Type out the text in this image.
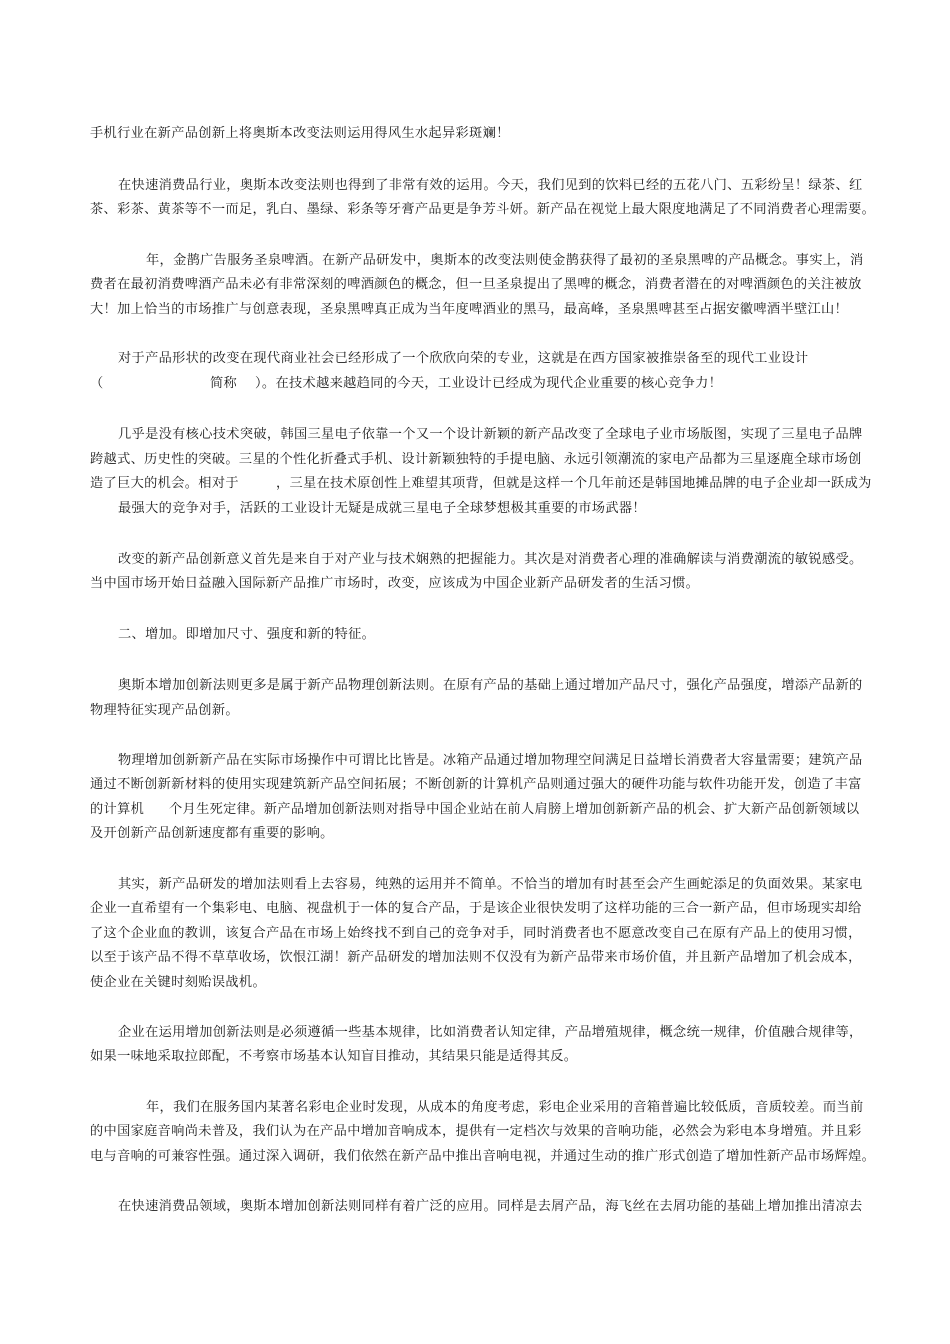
手机行业在新产品创新上将奥斯本改变法则运用得风生水起异彩斑斓！
在快速消费品行业，奥斯本改变法则也得到了非常有效的运用。今天，我们见到的饮料已经的五花八门、五彩纷呈！绿茶、红
茶、彩茶、黄茶等不一而足，乳白、墨绿、彩条等牙膏产品更是争芳斗妍。新产品在视觉上最大限度地满足了不同消费者心理需要。
年，金鹊广告服务圣泉啤酒。在新产品研发中，奥斯本的改变法则使金鹊获得了最初的圣泉黑啤的产品概念。事实上，消
费者在最初消费啤酒产品未必有非常深刻的啤酒颜色的概念，但一旦圣泉提出了黑啤的概念，消费者潜在的对啤酒颜色的关注被放
大！加上恰当的市场推广与创意表现，圣泉黑啤真正成为当年度啤酒业的黑马，最高峰，圣泉黑啤甚至占据安徽啤酒半壁江山！
对于产品形状的改变在现代商业社会已经形成了一个欣欣向荣的专业，这就是在西方国家被推崇备至的现代工业设计
（	简称 ）。在技术越来越趋同的今天，工业设计已经成为现代企业重要的核心竞争力！
几乎是没有核心技术突破，韩国三星电子依靠一个又一个设计新颖的新产品改变了全球电子业市场版图，实现了三星电子品牌
跨越式、历史性的突破。三星的个性化折叠式手机、设计新颖独特的手提电脑、永远引领潮流的家电产品都为三星逐鹿全球市场创
造了巨大的机会。相对于	，三星在技术原创性上难望其项背，但就是这样一个几年前还是韩国地摊品牌的电子企业却一跃成为
最强大的竞争对手，活跃的工业设计无疑是成就三星电子全球梦想极其重要的市场武器！
改变的新产品创新意义首先是来自于对产业与技术娴熟的把握能力。其次是对消费者心理的准确解读与消费潮流的敏锐感受。
当中国市场开始日益融入国际新产品推广市场时，改变，应该成为中国企业新产品研发者的生活习惯。
二、增加。即增加尺寸、强度和新的特征。
奥斯本增加创新法则更多是属于新产品物理创新法则。在原有产品的基础上通过增加产品尺寸，强化产品强度，增添产品新的
物理特征实现产品创新。
物理增加创新新产品在实际市场操作中可谓比比皆是。冰箱产品通过增加物理空间满足日益增长消费者大容量需要；建筑产品
通过不断创新新材料的使用实现建筑新产品空间拓展；不断创新的计算机产品则通过强大的硬件功能与软件功能开发，创造了丰富
的计算机 个月生死定律。新产品增加创新法则对指导中国企业站在前人肩膀上增加创新新产品的机会、扩大新产品创新领域以
及开创新产品创新速度都有重要的影响。
其实，新产品研发的增加法则看上去容易，纯熟的运用并不简单。不恰当的增加有时甚至会产生画蛇添足的负面效果。某家电
企业一直希望有一个集彩电、电脑、视盘机于一体的复合产品，于是该企业很快发明了这样功能的三合一新产品，但市场现实却给
了这个企业血的教训，该复合产品在市场上始终找不到自己的竞争对手，同时消费者也不愿意改变自己在原有产品上的使用习惯，
以至于该产品不得不草草收场，饮恨江湖！新产品研发的增加法则不仅没有为新产品带来市场价值，并且新产品增加了机会成本，
使企业在关键时刻贻误战机。
企业在运用增加创新法则是必须遵循一些基本规律，比如消费者认知定律，产品增殖规律，概念统一规律，价值融合规律等，
如果一味地采取拉郎配，不考察市场基本认知盲目推动，其结果只能是适得其反。
年，我们在服务国内某著名彩电企业时发现，从成本的角度考虑，彩电企业采用的音箱普遍比较低质，音质较差。而当前
的中国家庭音响尚未普及，我们认为在产品中增加音响成本，提供有一定档次与效果的音响功能，必然会为彩电本身增殖。并且彩
电与音响的可兼容性强。通过深入调研，我们依然在新产品中推出音响电视，并通过生动的推广形式创造了增加性新产品市场辉煌。
在快速消费品领域，奥斯本增加创新法则同样有着广泛的应用。同样是去屑产品，海飞丝在去屑功能的基础上增加推出清凉去
